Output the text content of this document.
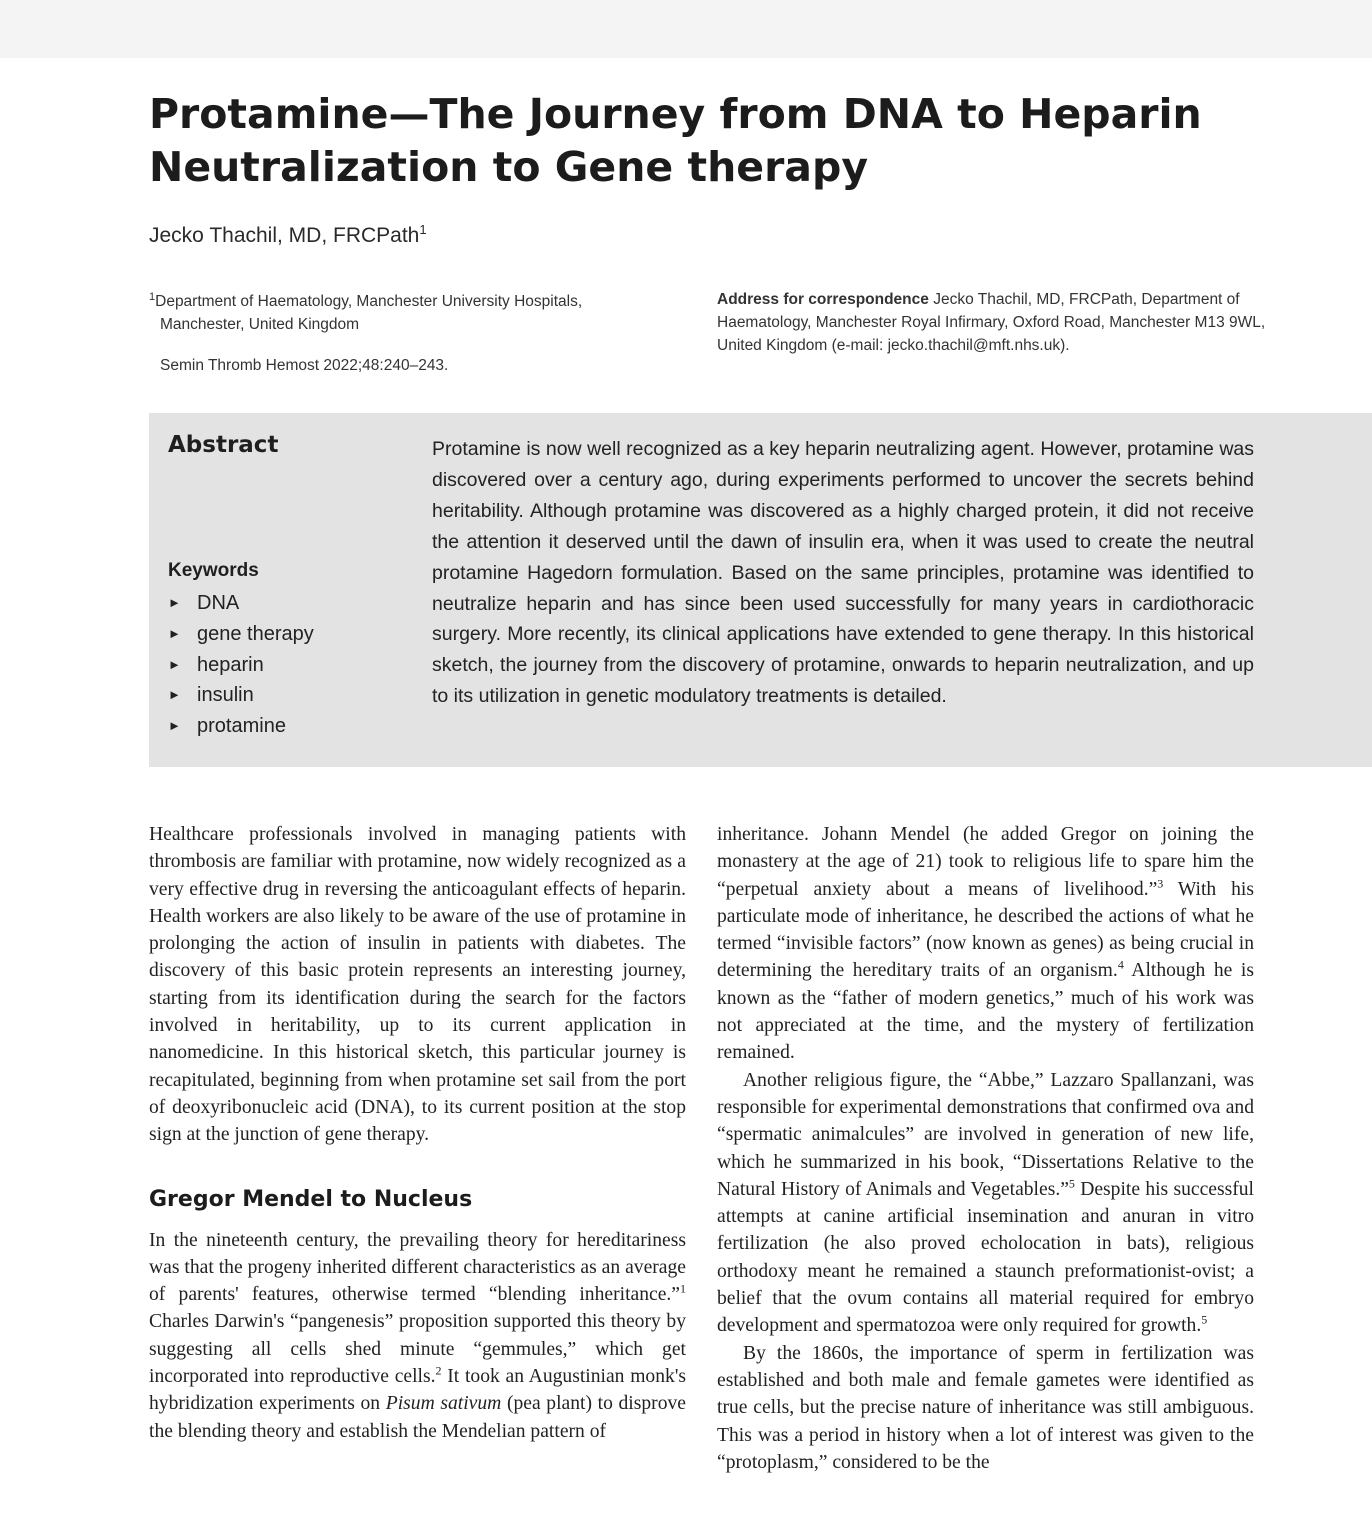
Protamine—The Journey from DNA to Heparin
Neutralization to Gene therapy
Jecko Thachil, MD, FRCPath$^1$
$^1$Department of Haematology, Manchester University Hospitals,
Manchester, United Kingdom
Semin Thromb Hemost 2022;48:240–243.
Address for correspondence Jecko Thachil, MD, FRCPath, Department of Haematology, Manchester Royal Infirmary, Oxford Road, Manchester M13 9WL, United Kingdom (e-mail: jecko.thachil@mft.nhs.uk).
Abstract	Protamine is now well recognized as a key heparin neutralizing agent. However, protamine was discovered over a century ago, during experiments performed to uncover the secrets behind heritability. Although protamine was discovered as a highly charged protein, it did not receive the attention it deserved until the dawn of insulin era, when it was used to create the neutral protamine Hagedorn formulation. Based on the same principles, protamine was identified to neutralize heparin and has since been used successfully for many years in cardiothoracic surgery. More recently, its clinical applications have extended to gene therapy. In this historical sketch, the journey from the discovery of protamine, onwards to heparin neutralization, and up to its utilization in genetic modulatory treatments is detailed.
Keywords
► DNA
► gene therapy
► heparin
► insulin
► protamine

Healthcare professionals involved in managing patients with thrombosis are familiar with protamine, now widely recognized as a very effective drug in reversing the anticoagulant effects of heparin. Health workers are also likely to be aware of the use of protamine in prolonging the action of insulin in patients with diabetes. The discovery of this basic protein represents an interesting journey, starting from its identification during the search for the factors involved in heritability, up to its current application in nanomedicine. In this historical sketch, this particular journey is recapitulated, beginning from when protamine set sail from the port of deoxyribonucleic acid (DNA), to its current position at the stop sign at the junction of gene therapy.

Gregor Mendel to Nucleus

In the nineteenth century, the prevailing theory for hereditariness was that the progeny inherited different characteristics as an average of parents' features, otherwise termed “blending inheritance.”$^1$ Charles Darwin's “pangenesis” proposition supported this theory by suggesting all cells shed minute “gemmules,” which get incorporated into reproductive cells.$^2$ It took an Augustinian monk's hybridization experiments on Pisum sativum (pea plant) to disprove the blending theory and establish the Mendelian pattern of

inheritance. Johann Mendel (he added Gregor on joining the monastery at the age of 21) took to religious life to spare him the “perpetual anxiety about a means of livelihood.”$^3$ With his particulate mode of inheritance, he described the actions of what he termed “invisible factors” (now known as genes) as being crucial in determining the hereditary traits of an organism.$^4$ Although he is known as the “father of modern genetics,” much of his work was not appreciated at the time, and the mystery of fertilization remained.

Another religious figure, the “Abbe,” Lazzaro Spallanzani, was responsible for experimental demonstrations that confirmed ova and “spermatic animalcules” are involved in generation of new life, which he summarized in his book, “Dissertations Relative to the Natural History of Animals and Vegetables.”$^5$ Despite his successful attempts at canine artificial insemination and anuran in vitro fertilization (he also proved echolocation in bats), religious orthodoxy meant he remained a staunch preformationist-ovist; a belief that the ovum contains all material required for embryo development and spermatozoa were only required for growth.$^5$

By the 1860s, the importance of sperm in fertilization was established and both male and female gametes were identified as true cells, but the precise nature of inheritance was still ambiguous. This was a period in history when a lot of interest was given to the “protoplasm,” considered to be the
